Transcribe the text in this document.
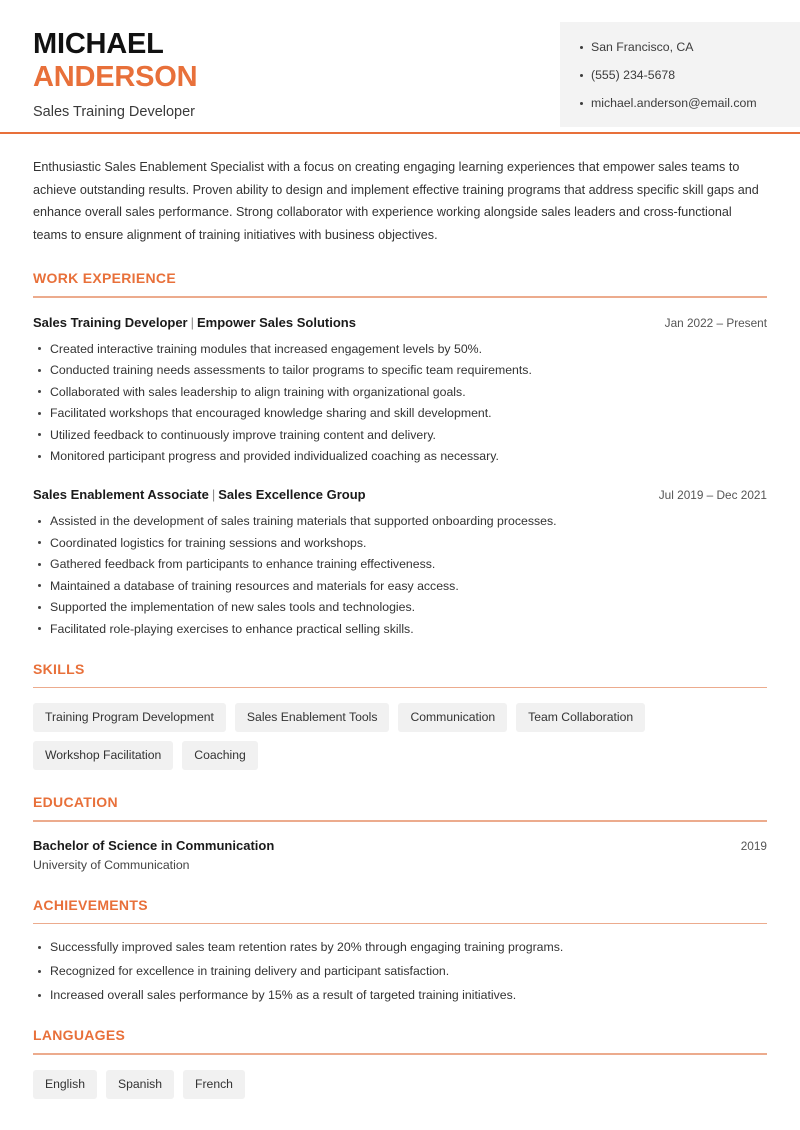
MICHAEL
ANDERSON
Sales Training Developer
San Francisco, CA
(555) 234-5678
michael.anderson@email.com

Enthusiastic Sales Enablement Specialist with a focus on creating engaging learning experiences that empower sales teams to achieve outstanding results. Proven ability to design and implement effective training programs that address specific skill gaps and enhance overall sales performance. Strong collaborator with experience working alongside sales leaders and cross-functional teams to ensure alignment of training initiatives with business objectives.

WORK EXPERIENCE
Sales Training Developer | Empower Sales Solutions	Jan 2022 – Present
Created interactive training modules that increased engagement levels by 50%.
Conducted training needs assessments to tailor programs to specific team requirements.
Collaborated with sales leadership to align training with organizational goals.
Facilitated workshops that encouraged knowledge sharing and skill development.
Utilized feedback to continuously improve training content and delivery.
Monitored participant progress and provided individualized coaching as necessary.
Sales Enablement Associate | Sales Excellence Group	Jul 2019 – Dec 2021
Assisted in the development of sales training materials that supported onboarding processes.
Coordinated logistics for training sessions and workshops.
Gathered feedback from participants to enhance training effectiveness.
Maintained a database of training resources and materials for easy access.
Supported the implementation of new sales tools and technologies.
Facilitated role-playing exercises to enhance practical selling skills.
SKILLS
Training Program Development	Sales Enablement Tools	Communication	Team Collaboration
Workshop Facilitation	Coaching
EDUCATION
Bachelor of Science in Communication	2019
University of Communication
ACHIEVEMENTS
Successfully improved sales team retention rates by 20% through engaging training programs.
Recognized for excellence in training delivery and participant satisfaction.
Increased overall sales performance by 15% as a result of targeted training initiatives.
LANGUAGES
English	Spanish	French
